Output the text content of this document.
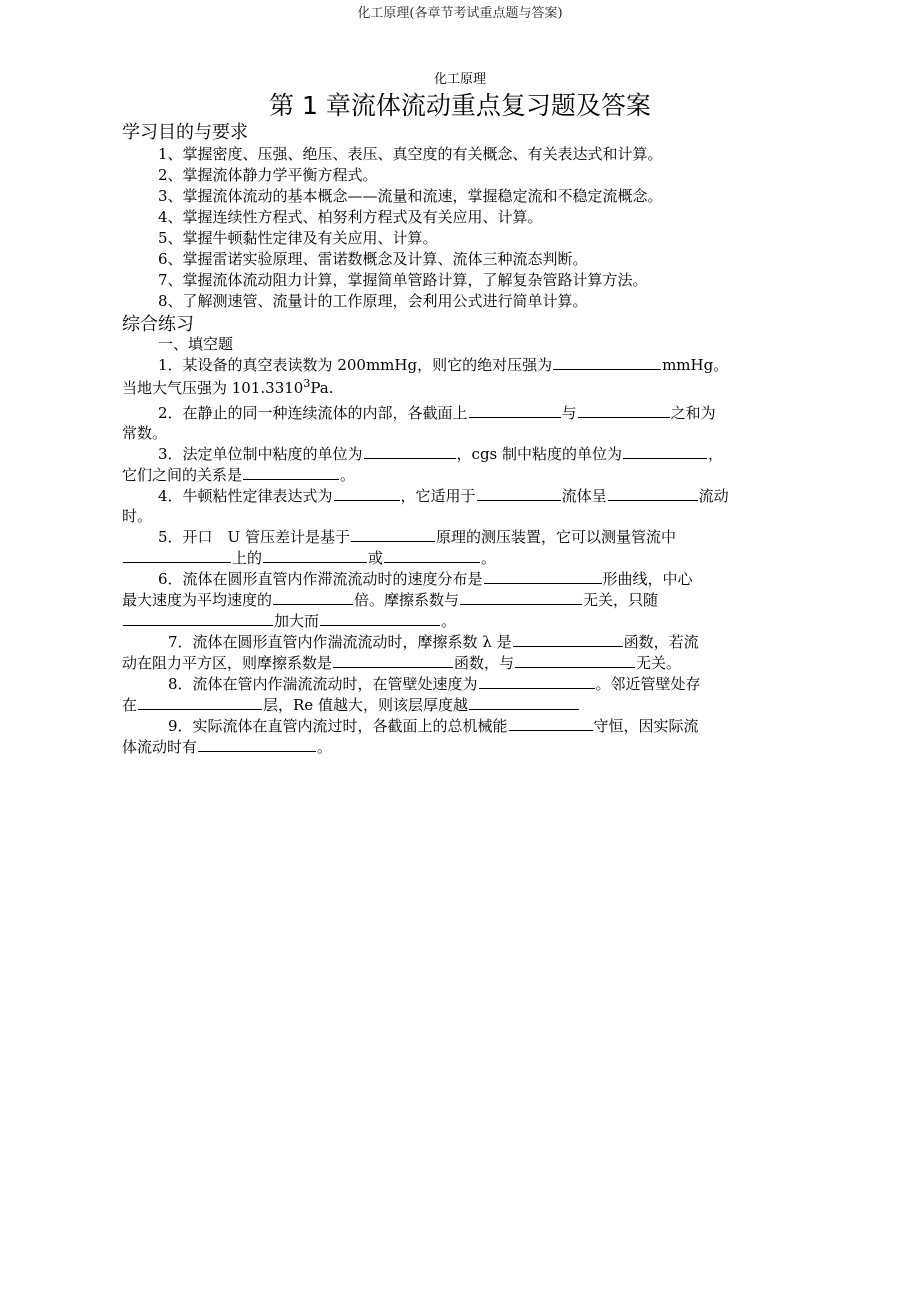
化工原理(各章节考试重点题与答案)
化工原理
第 1 章流体流动重点复习题及答案
学习目的与要求
1、掌握密度、压强、绝压、表压、真空度的有关概念、有关表达式和计算。
2、掌握流体静力学平衡方程式。
3、掌握流体流动的基本概念——流量和流速，掌握稳定流和不稳定流概念。
4、掌握连续性方程式、柏努利方程式及有关应用、计算。
5、掌握牛顿黏性定律及有关应用、计算。
6、掌握雷诺实验原理、雷诺数概念及计算、流体三种流态判断。
7、掌握流体流动阻力计算，掌握简单管路计算，了解复杂管路计算方法。
8、了解测速管、流量计的工作原理，会利用公式进行简单计算。
综合练习
一、填空题
1．某设备的真空表读数为 200mmHg，则它的绝对压强为	mmHg。
当地大气压强为 101.3310$^3$Pa.
2．在静止的同一种连续流体的内部，各截面上	与	之和为
常数。
3．法定单位制中粘度的单位为	，cgs 制中粘度的单位为	，
它们之间的关系是	。
4．牛顿粘性定律表达式为	，它适用于	流体呈	流动
时。
5．开口　U 管压差计是基于	原理的测压装置，它可以测量管流中
上的	或	。
6．流体在圆形直管内作滞流流动时的速度分布是	形曲线，中心
最大速度为平均速度的	倍。摩擦系数与	无关，只随
加大而	。
7．流体在圆形直管内作湍流流动时，摩擦系数 λ 是	函数，若流
动在阻力平方区，则摩擦系数是	函数，与	无关。
8．流体在管内作湍流流动时，在管壁处速度为	。邻近管壁处存
在	层，Re 值越大，则该层厚度越
9．实际流体在直管内流过时，各截面上的总机械能	守恒，因实际流
体流动时有	。
